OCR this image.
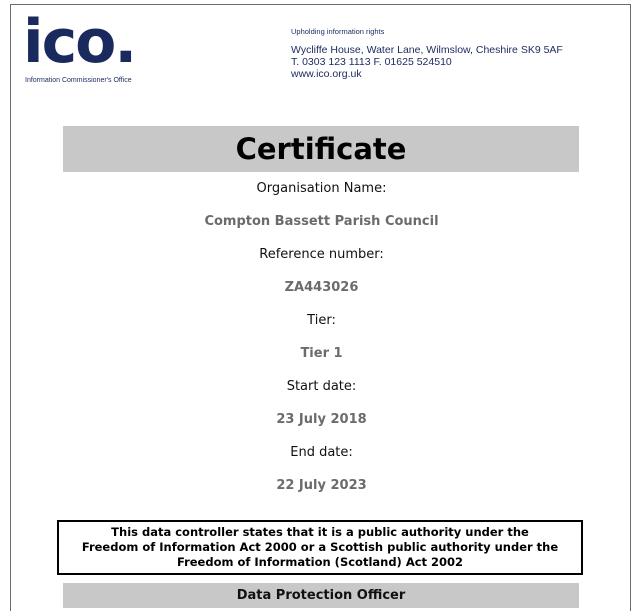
ico.
Information Commissioner's Office
Upholding information rights
Wycliffe House, Water Lane, Wilmslow, Cheshire SK9 5AF
T. 0303 123 1113 F. 01625 524510
www.ico.org.uk
Certificate
Organisation Name:
Compton Bassett Parish Council
Reference number:
ZA443026
Tier:
Tier 1
Start date:
23 July 2018
End date:
22 July 2023
This data controller states that it is a public authority under the
Freedom of Information Act 2000 or a Scottish public authority under the
Freedom of Information (Scotland) Act 2002
Data Protection Officer
